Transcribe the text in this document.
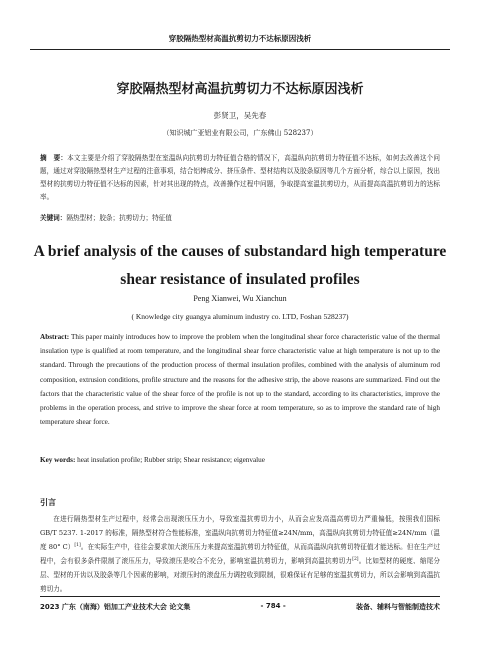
穿胶隔热型材高温抗剪切力不达标原因浅析
穿胶隔热型材高温抗剪切力不达标原因浅析
彭贤卫，吴先春
（知识城广亚铝业有限公司，广东佛山 528237）
摘　要：本文主要是介绍了穿胶隔热型在室温纵向抗剪切力特征值合格的情况下，高温纵向抗剪切力特征值不达标，如何去改善这个问题，通过对穿胶隔热型材生产过程的注意事项，结合铝棒成分、挤压条件、型材结构以及胶条原因等几个方面分析，综合以上原因，找出型材的抗剪切力特征值不达标的因素，针对其出现的特点，改善操作过程中问题，争取提高室温抗剪切力，从而提高高温抗剪切力的达标率。
关键词：隔热型材；胶条；抗剪切力；特征值
A brief analysis of the causes of substandard high temperature shear resistance of insulated profiles
Peng Xianwei, Wu Xianchun
( Knowledge city guangya aluminum industry co. LTD, Foshan 528237)
Abstract: This paper mainly introduces how to improve the problem when the longitudinal shear force characteristic value of the thermal insulation type is qualified at room temperature, and the longitudinal shear force characteristic value at high temperature is not up to the standard. Through the precautions of the production process of thermal insulation profiles, combined with the analysis of aluminum rod composition, extrusion conditions, profile structure and the reasons for the adhesive strip, the above reasons are summarized. Find out the factors that the characteristic value of the shear force of the profile is not up to the standard, according to its characteristics, improve the problems in the operation process, and strive to improve the shear force at room temperature, so as to improve the standard rate of high temperature shear force.
Key words: heat insulation profile; Rubber strip; Shear resistance; eigenvalue
引言

在进行隔热型材生产过程中，经常会出现滚压压力小，导致室温抗剪切力小，从而会应发高温高剪切力严重偏低，按照我们国标 GB/T 5237. 1-2017 的标准，隔热型材符合性能标准，室温纵向抗剪切力特征值≥24N/mm，高温纵向抗剪切力特征值≥24N/mm（温度 80° C）[1]。在实际生产中，往往会要求加大滚压压力来提高室温抗剪切力特征值，从而高温纵向抗剪切特征值才能达标。但在生产过程中，会有很多条件限制了滚压压力，导致滚压是咬合不充分，影响室温抗剪切力，影响到高温抗剪切力[2]。比如型材的硬度、缩尾分层、型材的开齿以及胶条等几个因素的影响，对滚压时的滚盘压力调控收到限制，很难保证有足够的室温抗剪切力，所以会影响到高温抗剪切力。

2023 广东（南海）铝加工产业技术大会 论文集	- 784 -	装备、辅料与智能制造技术
